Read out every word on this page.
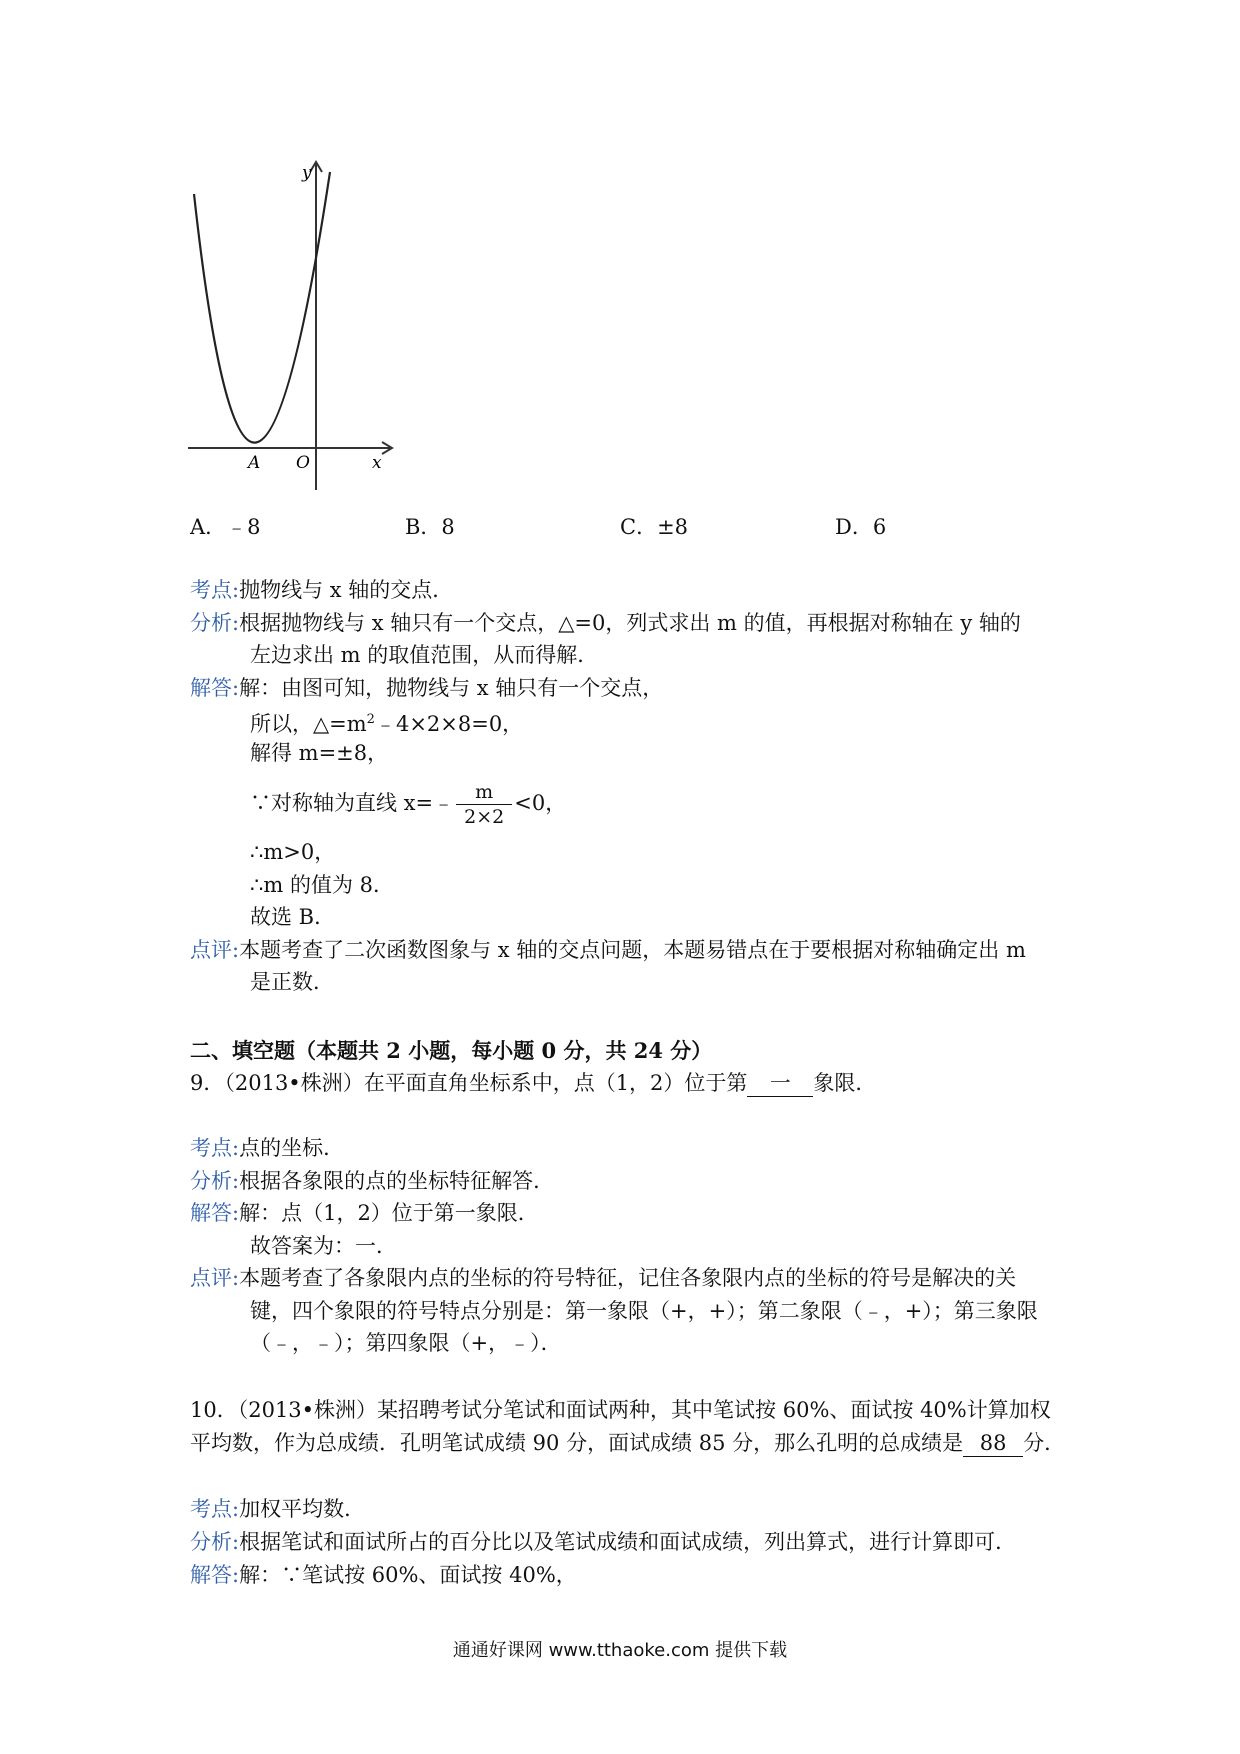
y
x
A O
A．﹣8	B．8	C．±8	D．6
考点:抛物线与 x 轴的交点．
分析:根据抛物线与 x 轴只有一个交点，△=0，列式求出 m 的值，再根据对称轴在 y 轴的
左边求出 m 的取值范围，从而得解．
解答:解：由图可知，抛物线与 x 轴只有一个交点，
所以，$\triangle=m^2﹣4\times 2\times 8=0$，
解得 m=±8，
∵对称轴为直线 x=﹣ $\frac{m}{2\times 2} <0$，
∴m>0，
∴m 的值为 8．
故选 B．
点评:本题考查了二次函数图象与 x 轴的交点问题，本题易错点在于要根据对称轴确定出 m
是正数．
二、填空题（本题共 2 小题，每小题 0 分，共 24 分）
9．（2013•株洲）在平面直角坐标系中，点（1，2）位于第 一 象限．
考点:点的坐标．
分析:根据各象限的点的坐标特征解答．
解答:解：点（1，2）位于第一象限．
故答案为：一．
点评:本题考查了各象限内点的坐标的符号特征，记住各象限内点的坐标的符号是解决的关
键，四个象限的符号特点分别是：第一象限（+，+）；第二象限（﹣，+）；第三象限
（﹣，﹣）；第四象限（+，﹣）．
10．（2013•株洲）某招聘考试分笔试和面试两种，其中笔试按 60%、面试按 40%计算加权
平均数，作为总成绩．孔明笔试成绩 90 分，面试成绩 85 分，那么孔明的总成绩是 88 分．
考点:加权平均数．
分析:根据笔试和面试所占的百分比以及笔试成绩和面试成绩，列出算式，进行计算即可．
解答:解：∵笔试按 60%、面试按 40%，
通通好课网 www.tthaoke.com 提供下载
